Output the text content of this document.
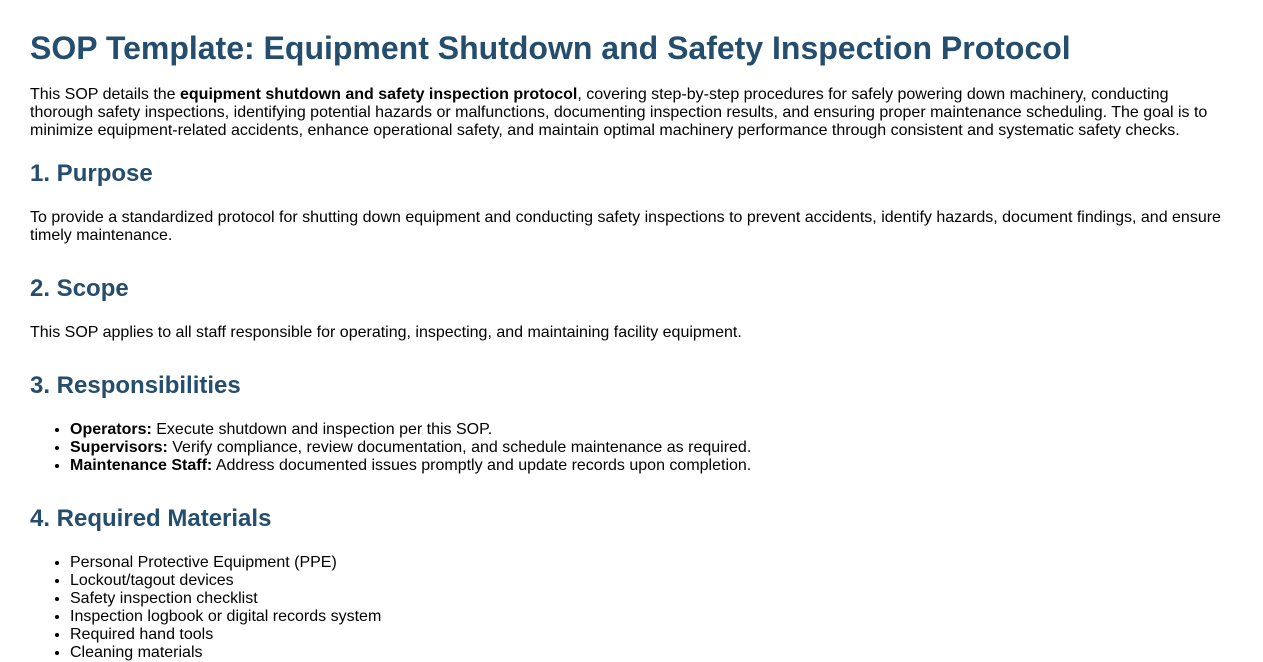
SOP Template: Equipment Shutdown and Safety Inspection Protocol

This SOP details the equipment shutdown and safety inspection protocol, covering step-by-step procedures for safely powering down machinery, conducting thorough safety inspections, identifying potential hazards or malfunctions, documenting inspection results, and ensuring proper maintenance scheduling. The goal is to minimize equipment-related accidents, enhance operational safety, and maintain optimal machinery performance through consistent and systematic safety checks.

1. Purpose

To provide a standardized protocol for shutting down equipment and conducting safety inspections to prevent accidents, identify hazards, document findings, and ensure timely maintenance.

2. Scope

This SOP applies to all staff responsible for operating, inspecting, and maintaining facility equipment.

3. Responsibilities
• Operators: Execute shutdown and inspection per this SOP.
• Supervisors: Verify compliance, review documentation, and schedule maintenance as required.
• Maintenance Staff: Address documented issues promptly and update records upon completion.
4. Required Materials
• Personal Protective Equipment (PPE)
• Lockout/tagout devices
• Safety inspection checklist
• Inspection logbook or digital records system
• Required hand tools
• Cleaning materials
